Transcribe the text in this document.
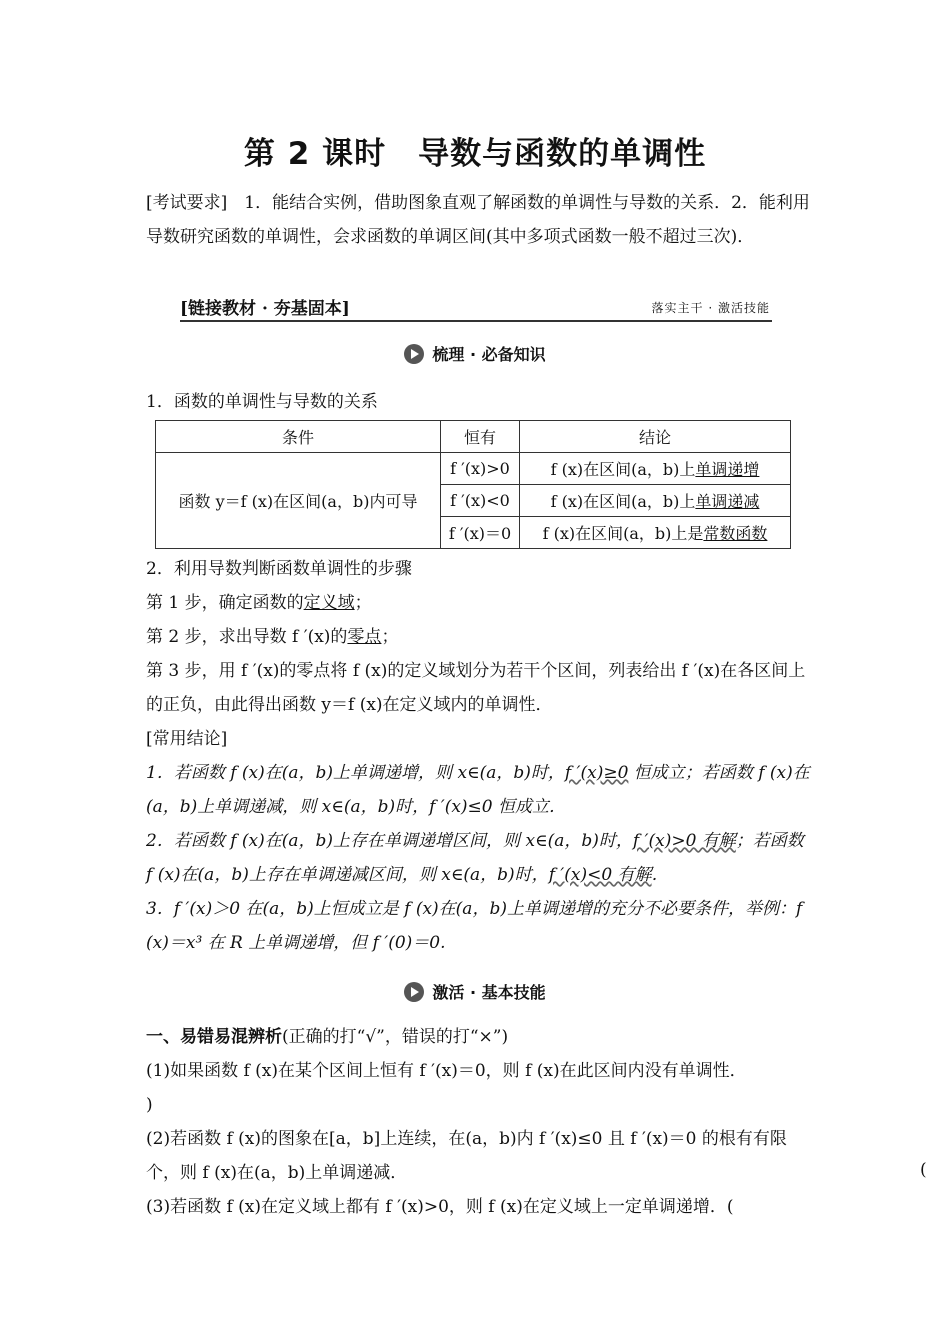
第 2 课时　导数与函数的单调性
[考试要求]　 1．能结合实例，借助图象直观了解函数的单调性与导数的关系．2．能利用导数研究函数的单调性，会求函数的单调区间(其中多项式函数一般不超过三次)．
[链接教材 · 夯基固本]	落实主干 · 激活技能
梳理 · 必备知识
1．函数的单调性与导数的关系
条件	恒有	结论
函数 y＝f (x)在区间(a，b)内可导	f ′(x)>0	f (x)在区间(a，b)上单调递增
	f ′(x)<0	f (x)在区间(a，b)上单调递减
	f ′(x)＝0	f (x)在区间(a，b)上是常数函数

2．利用导数判断函数单调性的步骤

第 1 步，确定函数的定义域；

第 2 步，求出导数 f ′(x)的零点；

第 3 步，用 f ′(x)的零点将 f (x)的定义域划分为若干个区间，列表给出 f ′(x)在各区间上的正负，由此得出函数 y＝f (x)在定义域内的单调性．

[常用结论]

1．若函数 f (x)在(a，b)上单调递增，则 x∈(a，b)时，f ′(x)≥0 恒成立；若函数 f (x)在(a，b)上单调递减，则 x∈(a，b)时，f ′(x)≤0 恒成立．

2．若函数 f (x)在(a，b)上存在单调递增区间，则 x∈(a，b)时，f ′(x)>0 有解；若函数 f (x)在(a，b)上存在单调递减区间，则 x∈(a，b)时，f ′(x)<0 有解．

3．f ′(x)＞0 在(a，b)上恒成立是 f (x)在(a，b)上单调递增的充分不必要条件，举例：f (x)＝x³ 在 R 上单调递增，但 f ′(0)＝0.

激活 · 基本技能

一、易错易混辨析(正确的打“√”，错误的打“×”)

(1)如果函数 f (x)在某个区间上恒有 f ′(x)＝0，则 f (x)在此区间内没有单调性．

)

(2)若函数 f (x)的图象在[a，b]上连续，在(a，b)内 f ′(x)≤0 且 f ′(x)＝0 的根有有限个，则 f (x)在(a，b)上单调递减．

(3)若函数 f (x)在定义域上都有 f ′(x)>0，则 f (x)在定义域上一定单调递增．(

(
